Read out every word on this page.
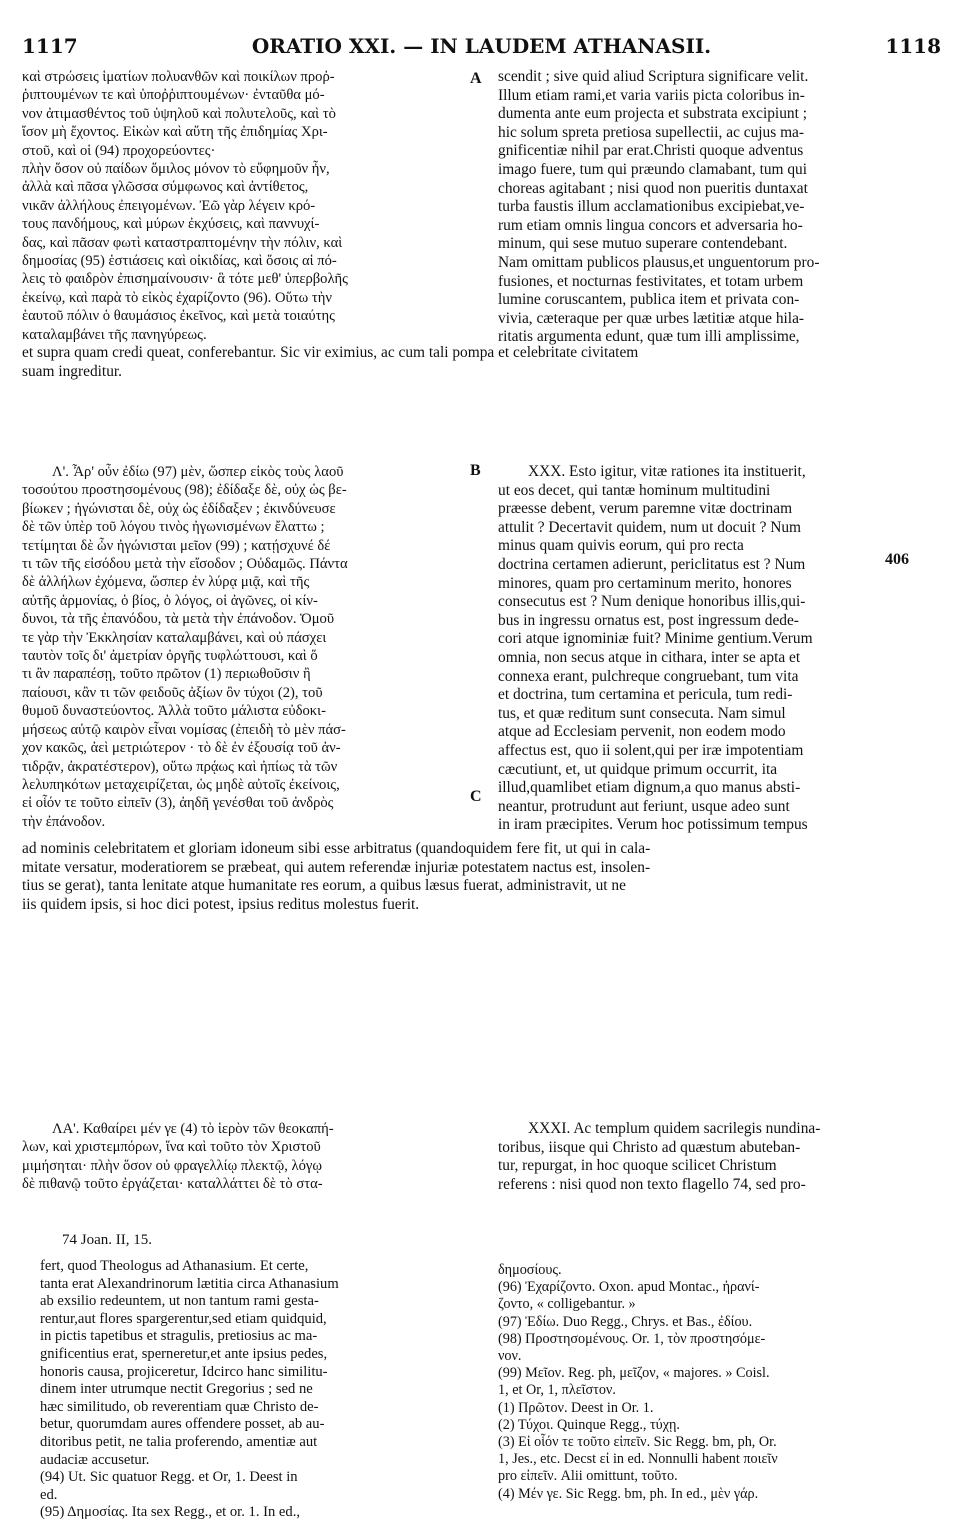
1117	ORATIO XXI. — IN LAUDEM ATHANASII.	1118
καὶ στρώσεις ἱματίων πολυανθῶν καὶ ποικίλων προῤ-
ῥιπτουμένων τε καὶ ὑποῤῥιπτουμένων· ἐνταῦθα μό-
νον ἀτιμασθέντος τοῦ ὑψηλοῦ καὶ πολυτελοῦς, καὶ τὸ
ἴσον μὴ ἔχοντος. Εἰκὼν καὶ αὕτη τῆς ἐπιδημίας Χρι-
στοῦ, καὶ οἱ (94) προχορεύοντες·
πλὴν ὅσον οὐ παίδων ὅμιλος μόνον τὸ εὔφημοῦν ἦν,
ἀλλὰ καὶ πᾶσα γλῶσσα σύμφωνος καὶ ἀντίθετος,
νικᾶν ἀλλήλους ἐπειγομένων. Ἐῶ γὰρ λέγειν κρό-
τους πανδήμους, καὶ μύρων ἐκχύσεις, καὶ παννυχί-
δας, καὶ πᾶσαν φωτὶ καταστραπτομένην τὴν πόλιν, καὶ
δημοσίας (95) ἑστιάσεις καὶ οἰκιδίας, καὶ ὅσοις αἱ πό-
λεις τὸ φαιδρὸν ἐπισημαίνουσιν· ἃ τότε μεθ' ὑπερβολῆς
ἐκείνῳ, καὶ παρὰ τὸ εἰκὸς ἐχαρίζοντο (96). Οὕτω τὴν
ἑαυτοῦ πόλιν ὁ θαυμάσιος ἐκεῖνος, καὶ μετὰ τοιαύτης
καταλαμβάνει τῆς πανηγύρεως.
scendit ; sive quid aliud Scriptura significare velit.
Illum etiam rami,et varia variis picta coloribus in-
dumenta ante eum projecta et substrata excipiunt ;
hic solum spreta pretiosa supellectii, ac cujus ma-
gnificentiæ nihil par erat.Christi quoque adventus
imago fuere, tum qui præundo clamabant, tum qui
choreas agitabant ; nisi quod non pueritis duntaxat
turba faustis illum acclamationibus excipiebat,ve-
rum etiam omnis lingua concors et adversaria ho-
minum, qui sese mutuo superare contendebant.
Nam omittam publicos plausus,et unguentorum pro-
fusiones, et nocturnas festivitates, et totam urbem
lumine coruscantem, publica item et privata con-
vivia, cæteraque per quæ urbes lætitiæ atque hila-
ritatis argumenta edunt, quæ tum illi amplissime,
A
B
C
406
et supra quam credi queat, conferebantur. Sic vir eximius, ac cum tali pompa et celebritate civitatem
suam ingreditur.
Λ'. Ἆρ' οὖν ἐδίω (97) μὲν, ὥσπερ εἰκὸς τοὺς λαοῦ
τοσούτου προστησομένους (98); ἐδίδαξε δὲ, οὐχ ὡς βε-
βίωκεν ; ἠγώνισται δὲ, οὐχ ὡς ἐδίδαξεν ; ἐκινδύνευσε
δὲ τῶν ὑπὲρ τοῦ λόγου τινὸς ἠγωνισμένων ἔλαττω ;
τετίμηται δὲ ὧν ἠγώνισται μεῖον (99) ; κατῄσχυνέ δέ
τι τῶν τῆς εἰσόδου μετὰ τὴν εἴσοδον ; Οὐδαμῶς. Πάντα
δὲ ἀλλήλων ἐχόμενα, ὥσπερ ἐν λύρᾳ μιᾷ, καὶ τῆς
αὐτῆς ἁρμονίας, ὁ βίος, ὁ λόγος, οἱ ἀγῶνες, οἱ κίν-
δυνοι, τὰ τῆς ἐπανόδου, τὰ μετὰ τὴν ἐπάνοδον. Ὁμοῦ
τε γὰρ τὴν Ἐκκλησίαν καταλαμβάνει, καὶ οὐ πάσχει
ταυτὸν τοῖς δι' ἀμετρίαν ὀργῆς τυφλώττουσι, καὶ ὅ
τι ἂν παραπέσῃ, τοῦτο πρῶτον (1) περιωθοῦσιν ἢ
παίουσι, κἂν τι τῶν φειδοῦς ἀξίων ὂν τύχοι (2), τοῦ
θυμοῦ δυναστεύοντος. Ἀλλὰ τοῦτο μάλιστα εὐδοκι-
μήσεως αὐτῷ καιρὸν εἶναι νομίσας (ἐπειδὴ τὸ μὲν πάσ-
χον κακῶς, ἀεὶ μετριώτερον · τὸ δὲ ἐν ἐξουσίᾳ τοῦ ἀν-
τιδρᾷν, ἀκρατέστερον), οὕτω πρᾴως καὶ ἠπίως τὰ τῶν
λελυπηκότων μεταχειρίζεται, ὡς μηδὲ αὐτοῖς ἐκείνοις,
εἰ οἷόν τε τοῦτο εἰπεῖν (3), ἀηδῆ γενέσθαι τοῦ ἀνδρὸς
τὴν ἐπάνοδον.
XXX. Esto igitur, vitæ rationes ita instituerit,
ut eos decet, qui tantæ hominum multitudini
præesse debent, verum paremne vitæ doctrinam
attulit ? Decertavit quidem, num ut docuit ? Num
minus quam quivis eorum, qui pro recta
doctrina certamen adierunt, periclitatus est ? Num
minores, quam pro certaminum merito, honores
consecutus est ? Num denique honoribus illis,qui-
bus in ingressu ornatus est, post ingressum dede-
cori atque ignominiæ fuit? Minime gentium.Verum
omnia, non secus atque in cithara, inter se apta et
connexa erant, pulchreque congruebant, tum vita
et doctrina, tum certamina et pericula, tum redi-
tus, et quæ reditum sunt consecuta. Nam simul
atque ad Ecclesiam pervenit, non eodem modo
affectus est, quo ii solent,qui per iræ impotentiam
cæcutiunt, et, ut quidque primum occurrit, ita
illud,quamlibet etiam dignum,a quo manus absti-
neantur, protrudunt aut feriunt, usque adeo sunt
in iram præcipites. Verum hoc potissimum tempus
ad nominis celebritatem et gloriam idoneum sibi esse arbitratus (quandoquidem fere fit, ut qui in cala-
mitate versatur, moderatiorem se præbeat, qui autem referendæ injuriæ potestatem nactus est, insolen-
tius se gerat), tanta lenitate atque humanitate res eorum, a quibus læsus fuerat, administravit, ut ne
iis quidem ipsis, si hoc dici potest, ipsius reditus molestus fuerit.
ΛΑ'. Καθαίρει μέν γε (4) τὸ ἱερὸν τῶν θεοκαπή-
λων, καὶ χριστεμπόρων, ἵνα καὶ τοῦτο τὸν Χριστοῦ
μιμήσηται· πλὴν ὅσον οὐ φραγελλίῳ πλεκτῷ, λόγῳ
δὲ πιθανῷ τοῦτο ἐργάζεται· καταλλάττει δὲ τὸ στα-
XXXI. Ac templum quidem sacrilegis nundina-
toribus, iisque qui Christo ad quæstum abuteban-
tur, repurgat, in hoc quoque scilicet Christum
referens : nisi quod non texto flagello 74, sed pro-
74 Joan. II, 15.
fert, quod Theologus ad Athanasium. Et certe,
tanta erat Alexandrinorum lætitia circa Athanasium
ab exsilio redeuntem, ut non tantum rami gesta-
rentur,aut flores spargerentur,sed etiam quidquid,
in pictis tapetibus et stragulis, pretiosius ac ma-
gnificentius erat, sperneretur,et ante ipsius pedes,
honoris causa, projiceretur, Idcirco hanc similitu-
dinem inter utrumque nectit Gregorius ; sed ne
hæc similitudo, ob reverentiam quæ Christo de-
betur, quorumdam aures offendere posset, ab au-
ditoribus petit, ne talia proferendo, amentiæ aut
audaciæ accusetur.
(94) Ut. Sic quatuor Regg. et Or, 1. Deest in
ed.
(95) Δημοσίας. Ita sex Regg., et or. 1. In ed.,
δημοσίους.
(96) Ἐχαρίζοντο. Oxon. apud Montac., ἠρανί-
ζοντο, « colligebantur. »
(97) Ἐδίω. Duo Regg., Chrys. et Bas., ἐδίου.
(98) Προστησομένους. Or. 1, τὸν προστησόμε-
νον.
(99) Μεῖον. Reg. ph, μεῖζον, « majores. » Coisl.
1, et Or, 1, πλεῖστον.
(1) Πρῶτον. Deest in Or. 1.
(2) Τύχοι. Quinque Regg., τύχῃ.
(3) Εἰ οἷόν τε τοῦτο εἰπεῖν. Sic Regg. bm, ph, Or.
1, Jes., etc. Decst εἰ in ed. Nonnulli habent ποιεῖν
pro εἰπεῖν. Alii omittunt, τοῦτο.
(4) Μέν γε. Sic Regg. bm, ph. In ed., μὲν γάρ.
